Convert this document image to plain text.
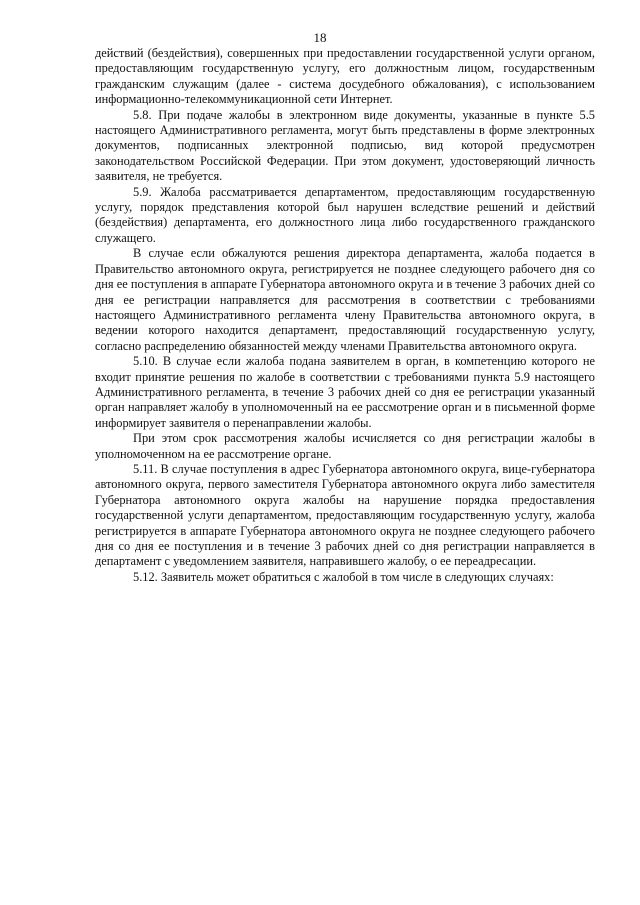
18

действий (бездействия), совершенных при предоставлении государственной услуги органом, предоставляющим государственную услугу, его должностным лицом, государственным гражданским служащим (далее - система досудебного обжалования), с использованием информационно-телекоммуникационной сети Интернет.

5.8. При подаче жалобы в электронном виде документы, указанные в пункте 5.5 настоящего Административного регламента, могут быть представлены в форме электронных документов, подписанных электронной подписью, вид которой предусмотрен законодательством Российской Федерации. При этом документ, удостоверяющий личность заявителя, не требуется.

5.9. Жалоба рассматривается департаментом, предоставляющим государственную услугу, порядок представления которой был нарушен вследствие решений и действий (бездействия) департамента, его должностного лица либо государственного гражданского служащего.

В случае если обжалуются решения директора департамента, жалоба подается в Правительство автономного округа, регистрируется не позднее следующего рабочего дня со дня ее поступления в аппарате Губернатора автономного округа и в течение 3 рабочих дней со дня ее регистрации направляется для рассмотрения в соответствии с требованиями настоящего Административного регламента члену Правительства автономного округа, в ведении которого находится департамент, предоставляющий государственную услугу, согласно распределению обязанностей между членами Правительства автономного округа.

5.10. В случае если жалоба подана заявителем в орган, в компетенцию которого не входит принятие решения по жалобе в соответствии с требованиями пункта 5.9 настоящего Административного регламента, в течение 3 рабочих дней со дня ее регистрации указанный орган направляет жалобу в уполномоченный на ее рассмотрение орган и в письменной форме информирует заявителя о перенаправлении жалобы.

При этом срок рассмотрения жалобы исчисляется со дня регистрации жалобы в уполномоченном на ее рассмотрение органе.

5.11. В случае поступления в адрес Губернатора автономного округа, вице-губернатора автономного округа, первого заместителя Губернатора автономного округа либо заместителя Губернатора автономного округа жалобы на нарушение порядка предоставления государственной услуги департаментом, предоставляющим государственную услугу, жалоба регистрируется в аппарате Губернатора автономного округа не позднее следующего рабочего дня со дня ее поступления и в течение 3 рабочих дней со дня регистрации направляется в департамент с уведомлением заявителя, направившего жалобу, о ее переадресации.

5.12. Заявитель может обратиться с жалобой в том числе в следующих случаях:
